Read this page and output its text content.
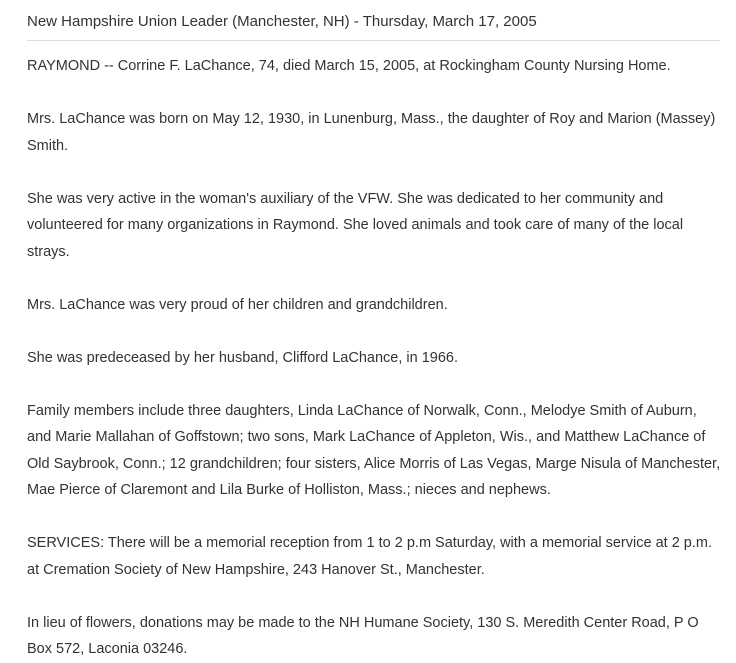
New Hampshire Union Leader (Manchester, NH) - Thursday, March 17, 2005

RAYMOND -- Corrine F. LaChance, 74, died March 15, 2005, at Rockingham County Nursing Home.

Mrs. LaChance was born on May 12, 1930, in Lunenburg, Mass., the daughter of Roy and Marion (Massey) Smith.

She was very active in the woman's auxiliary of the VFW. She was dedicated to her community and volunteered for many organizations in Raymond. She loved animals and took care of many of the local strays.

Mrs. LaChance was very proud of her children and grandchildren.

She was predeceased by her husband, Clifford LaChance, in 1966.

Family members include three daughters, Linda LaChance of Norwalk, Conn., Melodye Smith of Auburn, and Marie Mallahan of Goffstown; two sons, Mark LaChance of Appleton, Wis., and Matthew LaChance of Old Saybrook, Conn.; 12 grandchildren; four sisters, Alice Morris of Las Vegas, Marge Nisula of Manchester, Mae Pierce of Claremont and Lila Burke of Holliston, Mass.; nieces and nephews.

SERVICES: There will be a memorial reception from 1 to 2 p.m Saturday, with a memorial service at 2 p.m. at Cremation Society of New Hampshire, 243 Hanover St., Manchester.

In lieu of flowers, donations may be made to the NH Humane Society, 130 S. Meredith Center Road, P O Box 572, Laconia 03246.
